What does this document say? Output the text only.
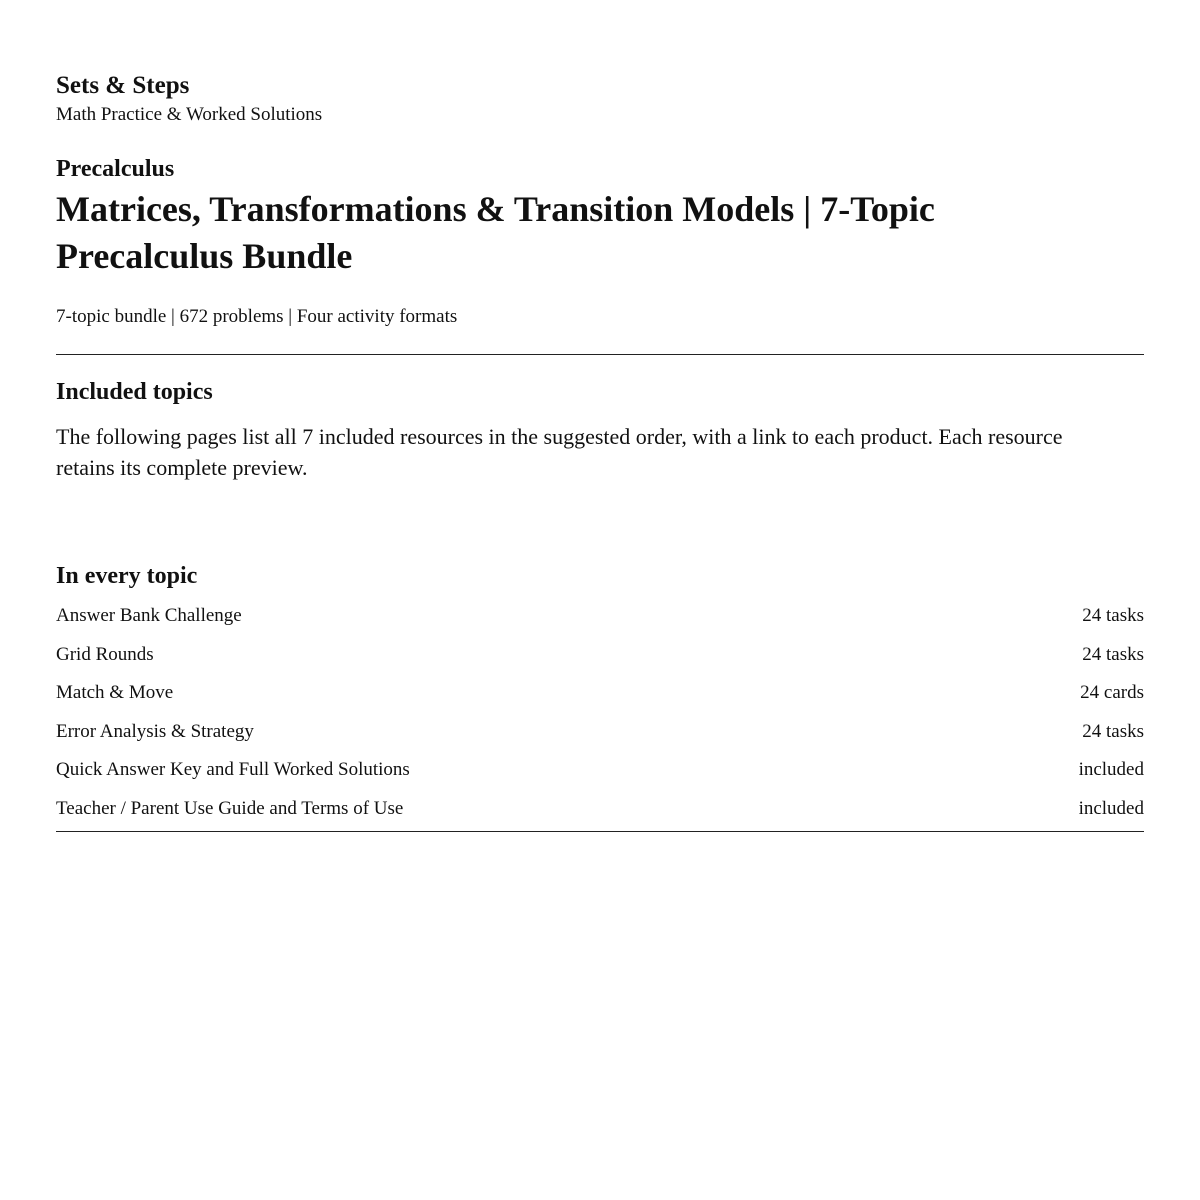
Sets & Steps

Math Practice & Worked Solutions

Precalculus

Matrices, Transformations & Transition Models | 7-Topic Precalculus Bundle

7-topic bundle | 672 problems | Four activity formats

Included topics

The following pages list all 7 included resources in the suggested order, with a link to each product. Each resource retains its complete preview.

In every topic
Answer Bank Challenge	24 tasks
Grid Rounds	24 tasks
Match & Move	24 cards
Error Analysis & Strategy	24 tasks
Quick Answer Key and Full Worked Solutions	included
Teacher / Parent Use Guide and Terms of Use	included
